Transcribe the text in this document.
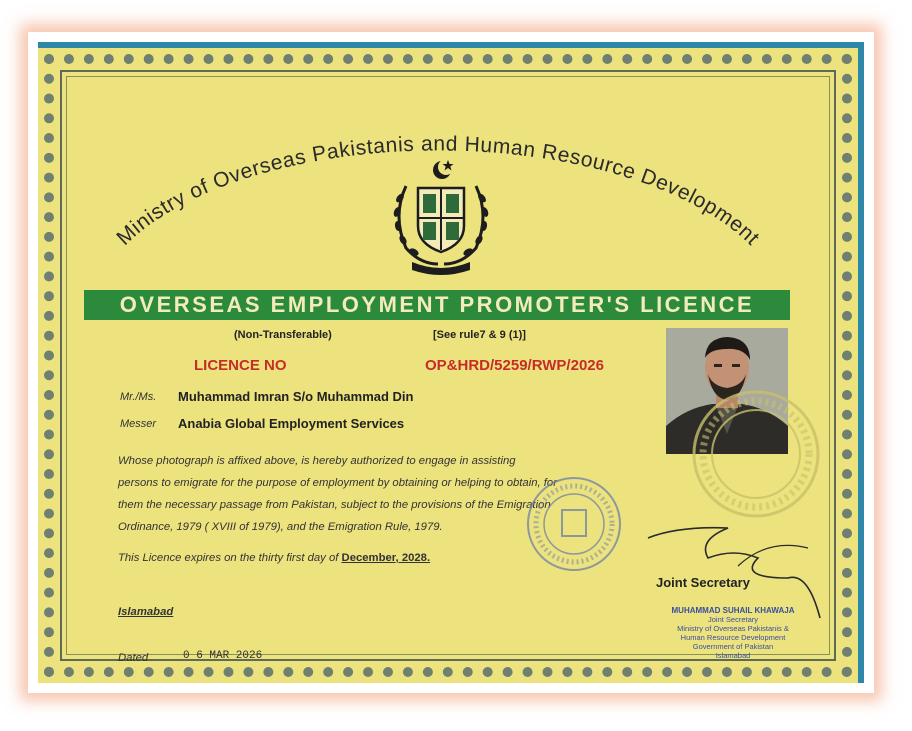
Ministry of Overseas Pakistanis and Human Resource Development
OVERSEAS EMPLOYMENT PROMOTER'S LICENCE
(Non-Transferable)	[See rule7 & 9 (1)]
LICENCE NO	OP&HRD/5259/RWP/2026
Mr./Ms. Muhammad Imran S/o Muhammad Din
Messer Anabia Global Employment Services
Whose photograph is affixed above, is hereby authorized to engage in assisting
persons to emigrate for the purpose of employment by obtaining or helping to obtain, for
them the necessary passage from Pakistan, subject to the provisions of the Emigration
Ordinance, 1979 ( XVIII of 1979), and the Emigration Rule, 1979.
This Licence expires on the thirty first day of December, 2028.
Islamabad
Dated	0 6 MAR 2026
Joint Secretary
MUHAMMAD SUHAIL KHAWAJA
Joint Secretary
Ministry of Overseas Pakistanis &
Human Resource Development
Government of Pakistan
Islamabad
